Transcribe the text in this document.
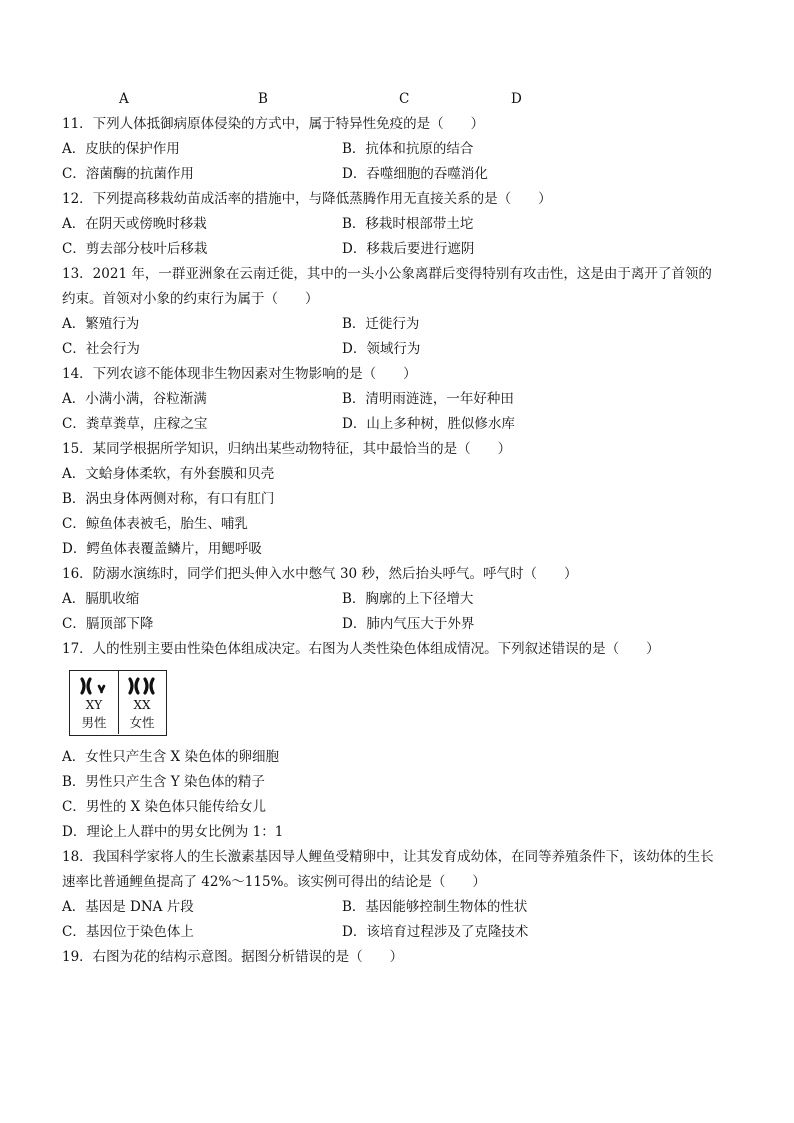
A	B	C	D
11．下列人体抵御病原体侵染的方式中，属于特异性免疫的是（　　）
A．皮肤的保护作用	B．抗体和抗原的结合
C．溶菌酶的抗菌作用	D．吞噬细胞的吞噬消化
12．下列提高移栽幼苗成活率的措施中，与降低蒸腾作用无直接关系的是（　　）
A．在阴天或傍晚时移栽	B．移栽时根部带土坨
C．剪去部分枝叶后移栽	D．移栽后要进行遮阴
13．2021 年，一群亚洲象在云南迁徙，其中的一头小公象离群后变得特别有攻击性，这是由于离开了首领的
约束。首领对小象的约束行为属于（　　）
A．繁殖行为	B．迁徙行为
C．社会行为	D．领域行为
14．下列农谚不能体现非生物因素对生物影响的是（　　）
A．小满小满，谷粒渐满	B．清明雨涟涟，一年好种田
C．粪草粪草，庄稼之宝	D．山上多种树，胜似修水库
15．某同学根据所学知识，归纳出某些动物特征，其中最恰当的是（　　）
A．文蛤身体柔软，有外套膜和贝壳
B．涡虫身体两侧对称，有口有肛门
C．鲸鱼体表被毛，胎生、哺乳
D．鳄鱼体表覆盖鳞片，用鳃呼吸
16．防溺水演练时，同学们把头伸入水中憋气 30 秒，然后抬头呼气。呼气时（　　）
A．膈肌收缩	B．胸廓的上下径增大
C．膈顶部下降	D．肺内气压大于外界
17．人的性别主要由性染色体组成决定。右图为人类性染色体组成情况。下列叙述错误的是（　　）
XY
男性
XX
女性
A．女性只产生含 X 染色体的卵细胞
B．男性只产生含 Y 染色体的精子
C．男性的 X 染色体只能传给女儿
D．理论上人群中的男女比例为 1：1
18．我国科学家将人的生长激素基因导人鲤鱼受精卵中，让其发育成幼体，在同等养殖条件下，该幼体的生长
速率比普通鲤鱼提高了 42%～115%。该实例可得出的结论是（　　）
A．基因是 DNA 片段	B．基因能够控制生物体的性状
C．基因位于染色体上	D．该培育过程涉及了克隆技术
19．右图为花的结构示意图。据图分析错误的是（　　）
